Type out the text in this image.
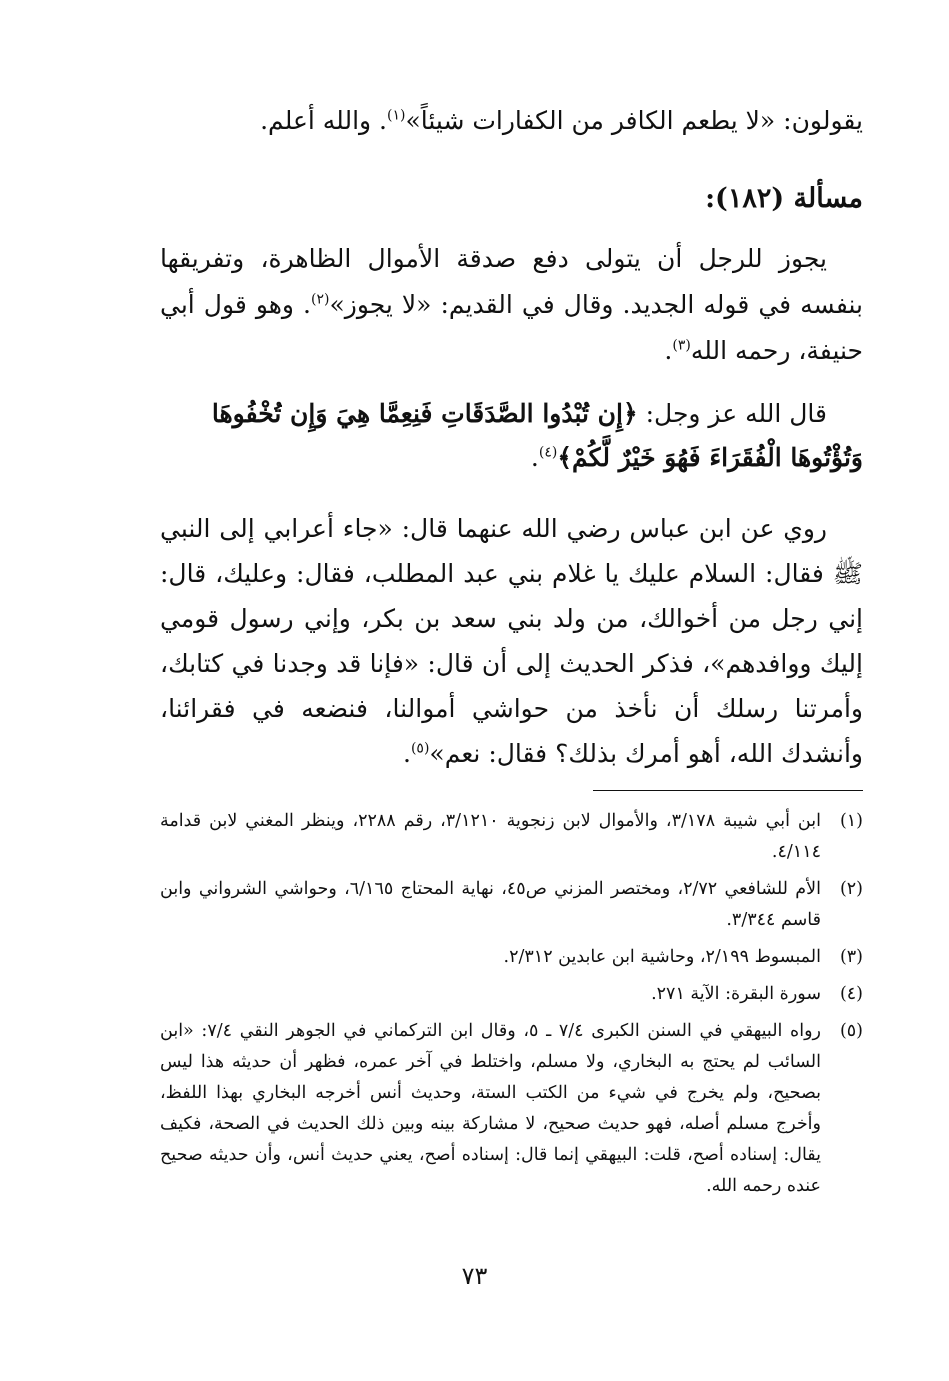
يقولون: «لا يطعم الكافر من الكفارات شيئاً»$^{(١)}$. والله أعلم.
مسألة (١٨٢):
يجوز للرجل أن يتولى دفع صدقة الأموال الظاهرة، وتفريقها بنفسه في قوله الجديد. وقال في القديم: «لا يجوز»$^{(٢)}$. وهو قول أبي حنيفة، رحمه الله$^{(٣)}$.
قال الله عز وجل: ﴿إِن تُبْدُوا الصَّدَقَاتِ فَنِعِمَّا هِيَ وَإِن تُخْفُوهَا وَتُؤْتُوهَا الْفُقَرَاءَ فَهُوَ خَيْرٌ لَّكُمْ﴾$^{(٤)}$.
روي عن ابن عباس رضي الله عنهما قال: «جاء أعرابي إلى النبي ﷺ فقال: السلام عليك يا غلام بني عبد المطلب، فقال: وعليك، قال: إني رجل من أخوالك، من ولد بني سعد بن بكر، وإني رسول قومي إليك ووافدهم»، فذكر الحديث إلى أن قال: «فإنا قد وجدنا في كتابك، وأمرتنا رسلك أن نأخذ من حواشي أموالنا، فنضعه في فقرائنا، وأنشدك الله، أهو أمرك بذلك؟ فقال: نعم»$^{(٥)}$.
(١)
ابن أبي شيبة ٣/١٧٨، والأموال لابن زنجوية ٣/١٢١٠، رقم ٢٢٨٨، وينظر المغني لابن قدامة ٤/١١٤.
(٢)
الأم للشافعي ٢/٧٢، ومختصر المزني ص٤٥، نهاية المحتاج ٦/١٦٥، وحواشي الشرواني وابن قاسم ٣/٣٤٤.
(٣)
المبسوط ٢/١٩٩، وحاشية ابن عابدين ٢/٣١٢.
(٤)
سورة البقرة: الآية ٢٧١.
(٥)
رواه البيهقي في السنن الكبرى ٧/٤ ـ ٥، وقال ابن التركماني في الجوهر النقي ٧/٤: «ابن السائب لم يحتج به البخاري، ولا مسلم، واختلط في آخر عمره، فظهر أن حديثه هذا ليس بصحيح، ولم يخرج في شيء من الكتب الستة، وحديث أنس أخرجه البخاري بهذا اللفظ، وأخرج مسلم أصله، فهو حديث صحيح، لا مشاركة بينه وبين ذلك الحديث في الصحة، فكيف يقال: إسناده أصح، قلت: البيهقي إنما قال: إسناده أصح، يعني حديث أنس، وأن حديثه صحيح عنده رحمه الله.
٧٣
